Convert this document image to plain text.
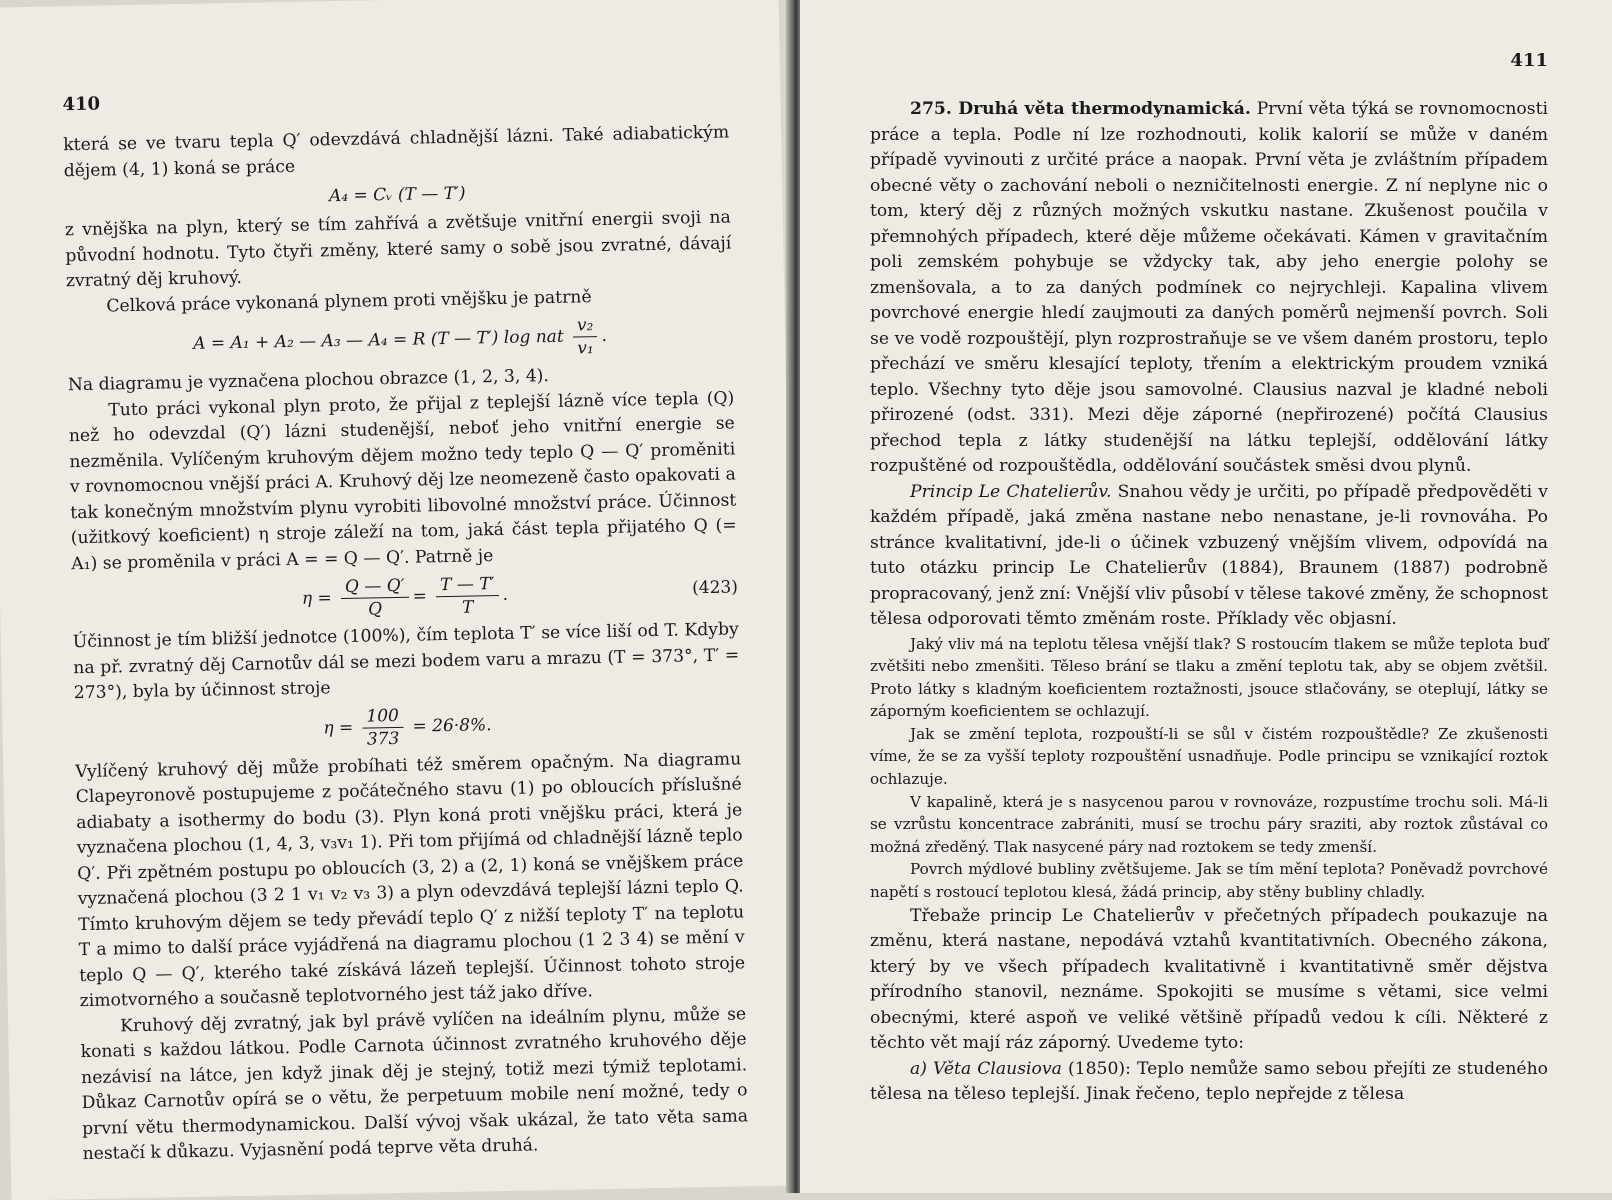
410

která se ve tvaru tepla Q′ odevzdává chladnější lázni. Také adiabatickým dějem (4, 1) koná se práce

A₄ = Cᵥ (T — T′)

z vnějška na plyn, který se tím zahřívá a zvětšuje vnitřní energii svoji na původní hodnotu. Tyto čtyři změny, které samy o sobě jsou zvratné, dávají zvratný děj kruhový.

Celková práce vykonaná plynem proti vnějšku je patrně

A = A₁ + A₂ — A₃ — A₄ = R (T — T′) log nat $\frac{\text{v₂}}{\text{v₁}}$ .

Na diagramu je vyznačena plochou obrazce (1, 2, 3, 4).

Tuto práci vykonal plyn proto, že přijal z teplejší lázně více tepla (Q) než ho odevzdal (Q′) lázni studenější, neboť jeho vnitřní energie se nezměnila. Vylíčeným kruhovým dějem možno tedy teplo Q — Q′ proměniti v rovnomocnou vnější práci A. Kruhový děj lze neomezeně často opakovati a tak konečným množstvím plynu vyrobiti libovolné množství práce. Účinnost (užitkový koeficient) η stroje záleží na tom, jaká část tepla přijatého Q (= A₁) se proměnila v práci A = = Q — Q′. Patrně je

$\eta = \frac{Q — Q'}{Q} = \frac{T — T'}{T}$ .	(423)

Účinnost je tím bližší jednotce (100%), čím teplota T′ se více liší od T. Kdyby na př. zvratný děj Carnotův dál se mezi bodem varu a mrazu (T = 373°, T′ = 273°), byla by účinnost stroje

$\eta = \frac{100}{373} = 26\cdot 8\%$.

Vylíčený kruhový děj může probíhati též směrem opačným. Na diagramu Clapeyronově postupujeme z počátečného stavu (1) po obloucích příslušné adiabaty a isothermy do bodu (3). Plyn koná proti vnějšku práci, která je vyznačena plochou (1, 4, 3, v₃v₁ 1). Při tom přijímá od chladnější lázně teplo Q′. Při zpětném postupu po obloucích (3, 2) a (2, 1) koná se vnějškem práce vyznačená plochou (3 2 1 v₁ v₂ v₃ 3) a plyn odevzdává teplejší lázni teplo Q. Tímto kruhovým dějem se tedy převádí teplo Q′ z nižší teploty T′ na teplotu T a mimo to další práce vyjádřená na diagramu plochou (1 2 3 4) se mění v teplo Q — Q′, kterého také získává lázeň teplejší. Účinnost tohoto stroje zimotvorného a současně teplotvorného jest táž jako dříve.

Kruhový děj zvratný, jak byl právě vylíčen na ideálním plynu, může se konati s každou látkou. Podle Carnota účinnost zvratného kruhového děje nezávisí na látce, jen když jinak děj je stejný, totiž mezi týmiž teplotami. Důkaz Carnotův opírá se o větu, že perpetuum mobile není možné, tedy o první větu thermodynamickou. Další vývoj však ukázal, že tato věta sama nestačí k důkazu. Vyjasnění podá teprve věta druhá.

411

275. Druhá věta thermodynamická. První věta týká se rovnomocnosti práce a tepla. Podle ní lze rozhodnouti, kolik kalorií se může v daném případě vyvinouti z určité práce a naopak. První věta je zvláštním případem obecné věty o zachování neboli o nezničitelnosti energie. Z ní neplyne nic o tom, který děj z různých možných vskutku nastane. Zkušenost poučila v přemnohých případech, které děje můžeme očekávati. Kámen v gravitačním poli zemském pohybuje se vždycky tak, aby jeho energie polohy se zmenšovala, a to za daných podmínek co nejrychleji. Kapalina vlivem povrchové energie hledí zaujmouti za daných poměrů nejmenší povrch. Soli se ve vodě rozpouštějí, plyn rozprostraňuje se ve všem daném prostoru, teplo přechází ve směru klesající teploty, třením a elektrickým proudem vzniká teplo. Všechny tyto děje jsou samovolné. Clausius nazval je kladné neboli přirozené (odst. 331). Mezi děje záporné (nepřirozené) počítá Clausius přechod tepla z látky studenější na látku teplejší, oddělování látky rozpuštěné od rozpouštědla, oddělování součástek směsi dvou plynů.

Princip Le Chatelierův. Snahou vědy je určiti, po případě předpověděti v každém případě, jaká změna nastane nebo nenastane, je-li rovnováha. Po stránce kvalitativní, jde-li o účinek vzbuzený vnějším vlivem, odpovídá na tuto otázku princip Le Chatelierův (1884), Braunem (1887) podrobně propracovaný, jenž zní: Vnější vliv působí v tělese takové změny, že schopnost tělesa odporovati těmto změnám roste. Příklady věc objasní.

Jaký vliv má na teplotu tělesa vnější tlak? S rostoucím tlakem se může teplota buď zvětšiti nebo zmenšiti. Těleso brání se tlaku a změní teplotu tak, aby se objem zvětšil. Proto látky s kladným koeficientem roztažnosti, jsouce stlačovány, se oteplují, látky se záporným koeficientem se ochlazují.

Jak se změní teplota, rozpouští-li se sůl v čistém rozpouštědle? Ze zkušenosti víme, že se za vyšší teploty rozpouštění usnadňuje. Podle principu se vznikající roztok ochlazuje.

V kapalině, která je s nasycenou parou v rovnováze, rozpustíme trochu soli. Má-li se vzrůstu koncentrace zabrániti, musí se trochu páry sraziti, aby roztok zůstával co možná zředěný. Tlak nasycené páry nad roztokem se tedy zmenší.

Povrch mýdlové bubliny zvětšujeme. Jak se tím mění teplota? Poněvadž povrchové napětí s rostoucí teplotou klesá, žádá princip, aby stěny bubliny chladly.

Třebaže princip Le Chatelierův v přečetných případech poukazuje na změnu, která nastane, nepodává vztahů kvantitativních. Obecného zákona, který by ve všech případech kvalitativně i kvantitativně směr dějstva přírodního stanovil, neznáme. Spokojiti se musíme s větami, sice velmi obecnými, které aspoň ve veliké většině případů vedou k cíli. Některé z těchto vět mají ráz záporný. Uvedeme tyto:

a) Věta Clausiova (1850): Teplo nemůže samo sebou přejíti ze studeného tělesa na těleso teplejší. Jinak řečeno, teplo nepřejde z tělesa
